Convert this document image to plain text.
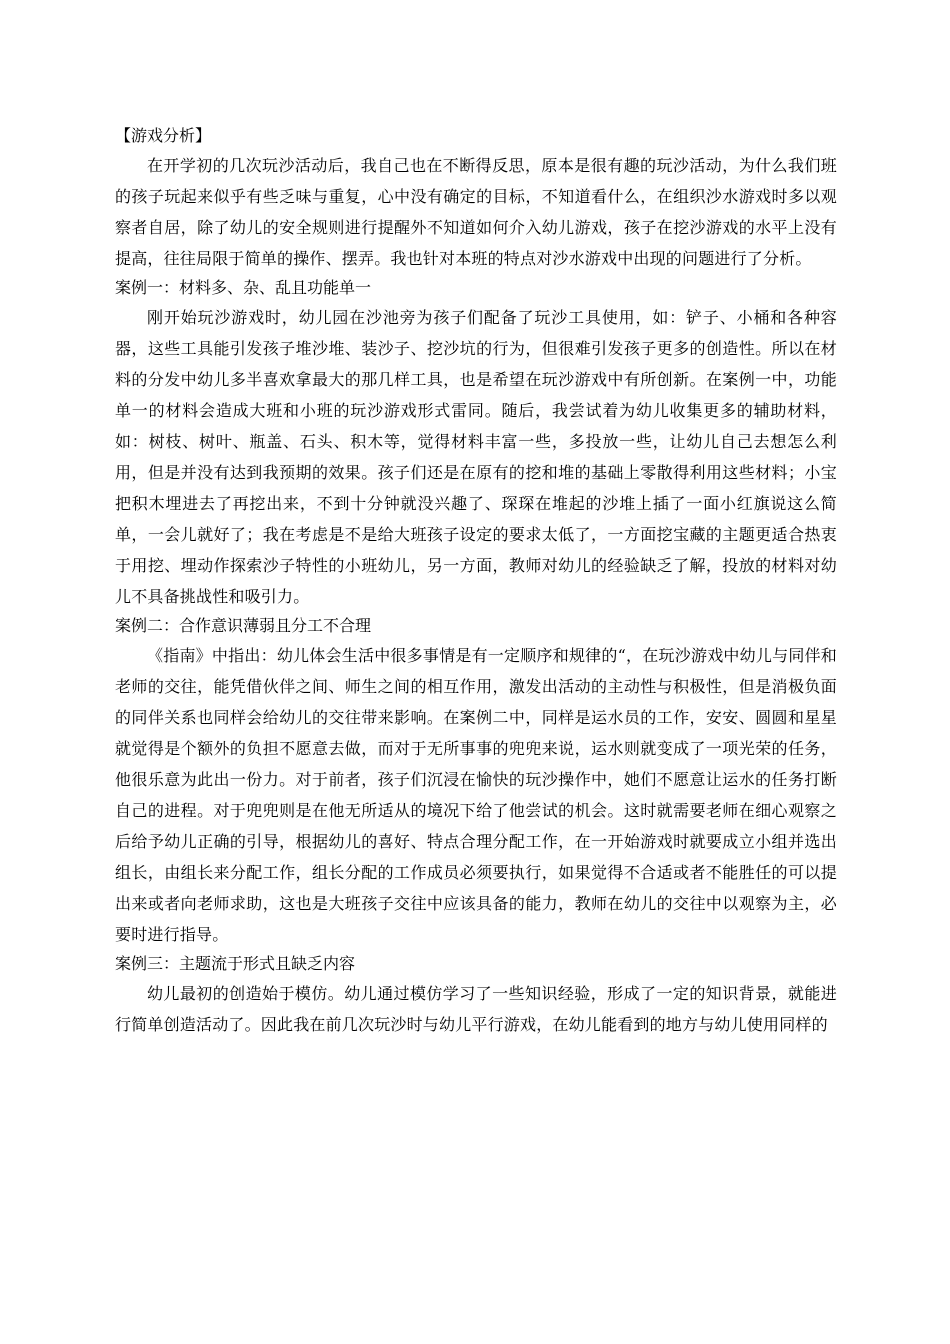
【游戏分析】

在开学初的几次玩沙活动后，我自己也在不断得反思，原本是很有趣的玩沙活动，为什么我们班的孩子玩起来似乎有些乏味与重复，心中没有确定的目标，不知道看什么，在组织沙水游戏时多以观察者自居，除了幼儿的安全规则进行提醒外不知道如何介入幼儿游戏，孩子在挖沙游戏的水平上没有提高，往往局限于简单的操作、摆弄。我也针对本班的特点对沙水游戏中出现的问题进行了分析。

案例一：材料多、杂、乱且功能单一

刚开始玩沙游戏时，幼儿园在沙池旁为孩子们配备了玩沙工具使用，如：铲子、小桶和各种容器，这些工具能引发孩子堆沙堆、装沙子、挖沙坑的行为，但很难引发孩子更多的创造性。所以在材料的分发中幼儿多半喜欢拿最大的那几样工具，也是希望在玩沙游戏中有所创新。在案例一中，功能单一的材料会造成大班和小班的玩沙游戏形式雷同。随后，我尝试着为幼儿收集更多的辅助材料，如：树枝、树叶、瓶盖、石头、积木等，觉得材料丰富一些，多投放一些，让幼儿自己去想怎么利用，但是并没有达到我预期的效果。孩子们还是在原有的挖和堆的基础上零散得利用这些材料；小宝把积木埋进去了再挖出来，不到十分钟就没兴趣了、琛琛在堆起的沙堆上插了一面小红旗说这么简单，一会儿就好了；我在考虑是不是给大班孩子设定的要求太低了，一方面挖宝藏的主题更适合热衷于用挖、埋动作探索沙子特性的小班幼儿，另一方面，教师对幼儿的经验缺乏了解，投放的材料对幼儿不具备挑战性和吸引力。

案例二：合作意识薄弱且分工不合理

《指南》中指出：幼儿体会生活中很多事情是有一定顺序和规律的“，在玩沙游戏中幼儿与同伴和老师的交往，能凭借伙伴之间、师生之间的相互作用，激发出活动的主动性与积极性，但是消极负面的同伴关系也同样会给幼儿的交往带来影响。在案例二中，同样是运水员的工作，安安、圆圆和星星就觉得是个额外的负担不愿意去做，而对于无所事事的兜兜来说，运水则就变成了一项光荣的任务，他很乐意为此出一份力。对于前者，孩子们沉浸在愉快的玩沙操作中，她们不愿意让运水的任务打断自己的进程。对于兜兜则是在他无所适从的境况下给了他尝试的机会。这时就需要老师在细心观察之后给予幼儿正确的引导，根据幼儿的喜好、特点合理分配工作，在一开始游戏时就要成立小组并选出组长，由组长来分配工作，组长分配的工作成员必须要执行，如果觉得不合适或者不能胜任的可以提出来或者向老师求助，这也是大班孩子交往中应该具备的能力，教师在幼儿的交往中以观察为主，必要时进行指导。

案例三：主题流于形式且缺乏内容

幼儿最初的创造始于模仿。幼儿通过模仿学习了一些知识经验，形成了一定的知识背景，就能进行简单创造活动了。因此我在前几次玩沙时与幼儿平行游戏，在幼儿能看到的地方与幼儿使用同样的
